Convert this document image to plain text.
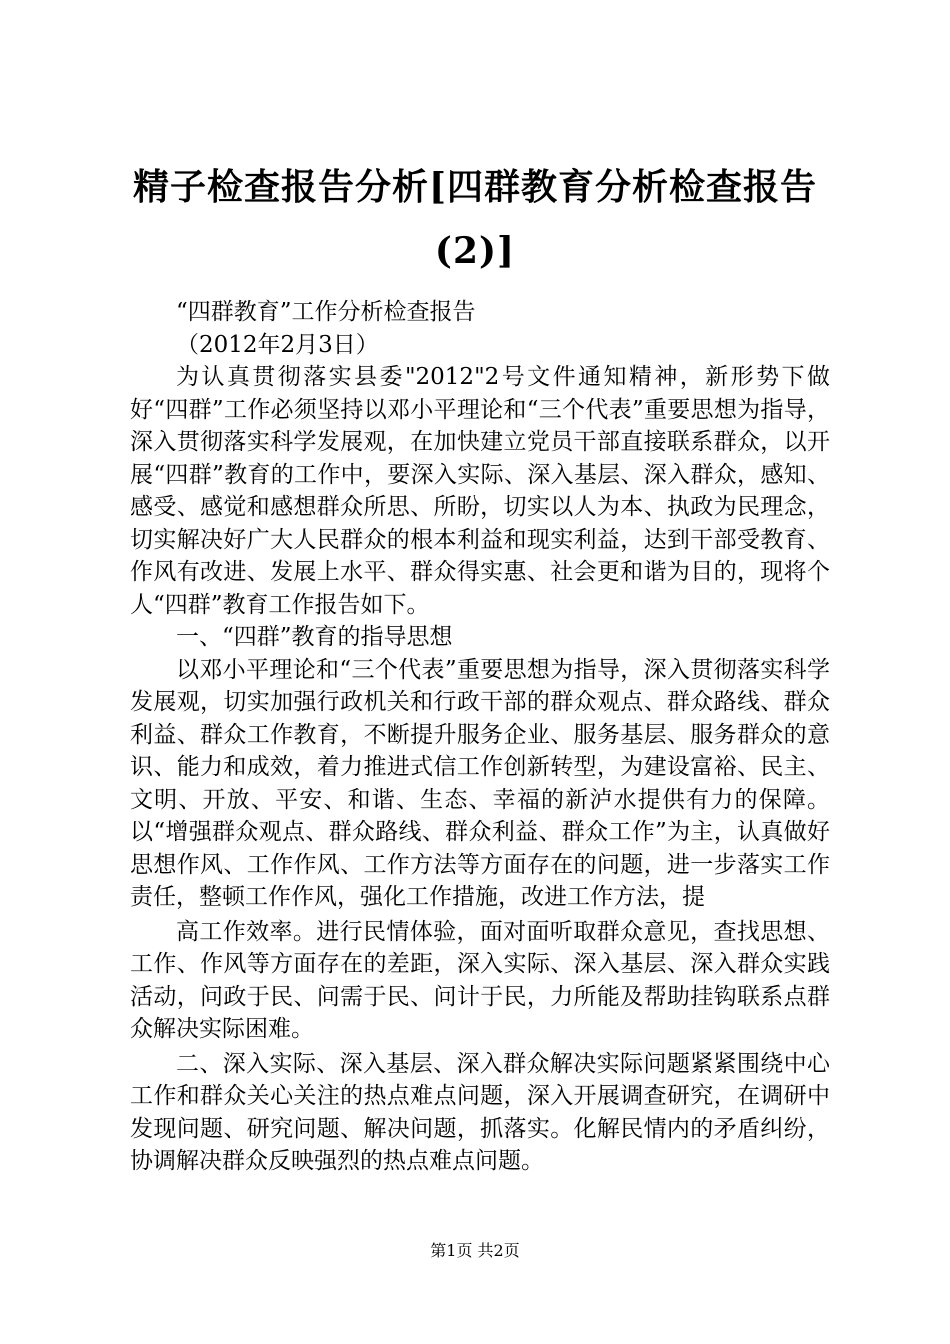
精子检查报告分析[四群教育分析检查报告(2)]

“四群教育”工作分析检查报告

（2012年2月3日）

为认真贯彻落实县委"2012"2号文件通知精神，新形势下做好“四群”工作必须坚持以邓小平理论和“三个代表”重要思想为指导，深入贯彻落实科学发展观，在加快建立党员干部直接联系群众，以开展“四群”教育的工作中，要深入实际、深入基层、深入群众，感知、感受、感觉和感想群众所思、所盼，切实以人为本、执政为民理念，切实解决好广大人民群众的根本利益和现实利益，达到干部受教育、作风有改进、发展上水平、群众得实惠、社会更和谐为目的，现将个人“四群”教育工作报告如下。

一、“四群”教育的指导思想

以邓小平理论和“三个代表”重要思想为指导，深入贯彻落实科学发展观，切实加强行政机关和行政干部的群众观点、群众路线、群众利益、群众工作教育，不断提升服务企业、服务基层、服务群众的意识、能力和成效，着力推进式信工作创新转型，为建设富裕、民主、文明、开放、平安、和谐、生态、幸福的新泸水提供有力的保障。以“增强群众观点、群众路线、群众利益、群众工作”为主，认真做好思想作风、工作作风、工作方法等方面存在的问题，进一步落实工作责任，整顿工作作风，强化工作措施，改进工作方法，提

高工作效率。进行民情体验，面对面听取群众意见，查找思想、工作、作风等方面存在的差距，深入实际、深入基层、深入群众实践活动，问政于民、问需于民、问计于民，力所能及帮助挂钩联系点群众解决实际困难。

二、深入实际、深入基层、深入群众解决实际问题紧紧围绕中心工作和群众关心关注的热点难点问题，深入开展调查研究，在调研中发现问题、研究问题、解决问题，抓落实。化解民情内的矛盾纠纷，协调解决群众反映强烈的热点难点问题。

第1页 共2页
